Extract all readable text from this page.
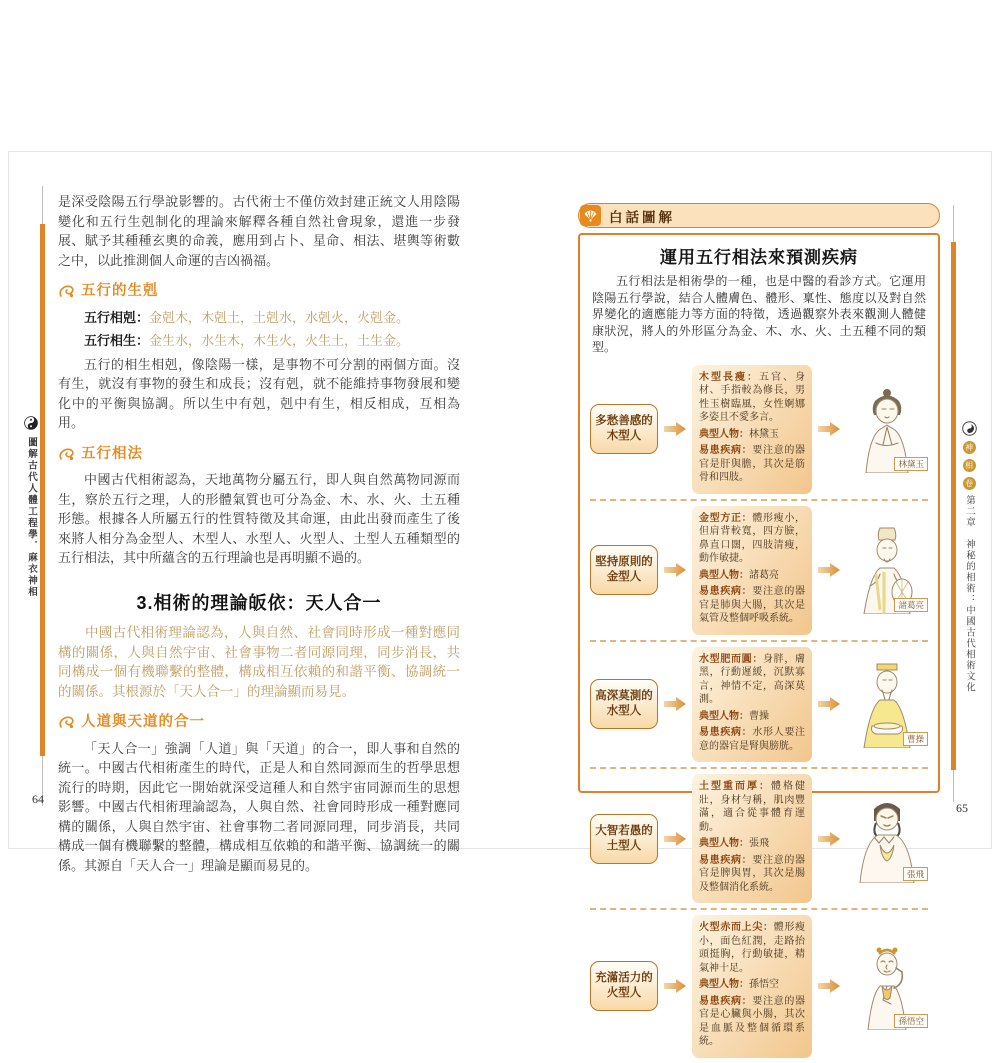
圖解古代人體工程學．麻衣神相

是深受陰陽五行學說影響的。古代術士不僅仿效封建正統文人用陰陽變化和五行生剋制化的理論來解釋各種自然社會現象，還進一步發展、賦予其種種玄奧的命義，應用到占卜、星命、相法、堪輿等術數之中，以此推測個人命運的吉凶禍福。

五行的生剋
五行相剋：金剋木，木剋土，土剋水，水剋火，火剋金。
五行相生：金生水，水生木，木生火，火生土，土生金。

五行的相生相剋，像陰陽一樣，是事物不可分割的兩個方面。沒有生，就沒有事物的發生和成長；沒有剋，就不能維持事物發展和變化中的平衡與協調。所以生中有剋，剋中有生，相反相成，互相為用。

五行相法

中國古代相術認為，天地萬物分屬五行，即人與自然萬物同源而生，察於五行之理，人的形體氣質也可分為金、木、水、火、土五種形態。根據各人所屬五行的性質特徵及其命運，由此出發而產生了後來將人相分為金型人、木型人、水型人、火型人、土型人五種類型的五行相法，其中所蘊含的五行理論也是再明顯不過的。

3.相術的理論皈依：天人合一

中國古代相術理論認為，人與自然、社會同時形成一種對應同構的關係，人與自然宇宙、社會事物二者同源同理，同步消長，共同構成一個有機聯繫的整體，構成相互依賴的和諧平衡、協調統一的關係。其根源於「天人合一」的理論顯而易見。

人道與天道的合一

「天人合一」強調「人道」與「天道」的合一，即人事和自然的統一。中國古代相術產生的時代，正是人和自然同源而生的哲學思想流行的時期，因此它一開始就深受這種人和自然宇宙同源而生的思想影響。中國古代相術理論認為，人與自然、社會同時形成一種對應同構的關係，人與自然宇宙、社會事物二者同源同理，同步消長，共同構成一個有機聯繫的整體，構成相互依賴的和諧平衡、協調統一的關係。其源自「天人合一」理論是顯而易見的。

64
神
相
卷
第二章　神秘的相術：中國古代相術文化
白話圖解
運用五行相法來預測疾病

五行相法是相術學的一種，也是中醫的看診方式。它運用陰陽五行學說，結合人體膚色、體形、稟性、態度以及對自然界變化的適應能力等方面的特徵，透過觀察外表來觀測人體健康狀況，將人的外形區分為金、木、水、火、土五種不同的類型。

多愁善感的
木型人

木型長瘦：五官、身材、手指較為修長，男性玉樹臨風，女性婀娜多姿且不愛多言。

典型人物：林黛玉

易患疾病：要注意的器官是肝與膽，其次是筋骨和四肢。

林黛玉
堅持原則的
金型人

金型方正：體形瘦小，但肩背較寬，四方臉，鼻直口闊，四肢清瘦，動作敏捷。

典型人物：諸葛亮

易患疾病：要注意的器官是肺與大腸，其次是氣管及整個呼吸系統。

諸葛亮
高深莫測的
水型人

水型肥而圓：身胖，膚黑，行動遲緩，沉默寡言，神情不定，高深莫測。

典型人物：曹操

易患疾病：水形人要注意的器官是腎與膀胱。

曹操
大智若愚的
土型人

土型重而厚：體格健壯，身材勻稱，肌肉豐滿，適合從事體育運動。

典型人物：張飛

易患疾病：要注意的器官是脾與胃，其次是腸及整個消化系統。

張飛
充滿活力的
火型人

火型赤而上尖：體形瘦小，面色紅潤，走路抬頭挺胸，行動敏捷，精氣神十足。

典型人物：孫悟空

易患疾病：要注意的器官是心臟與小腸，其次是血脈及整個循環系統。

孫悟空
65
